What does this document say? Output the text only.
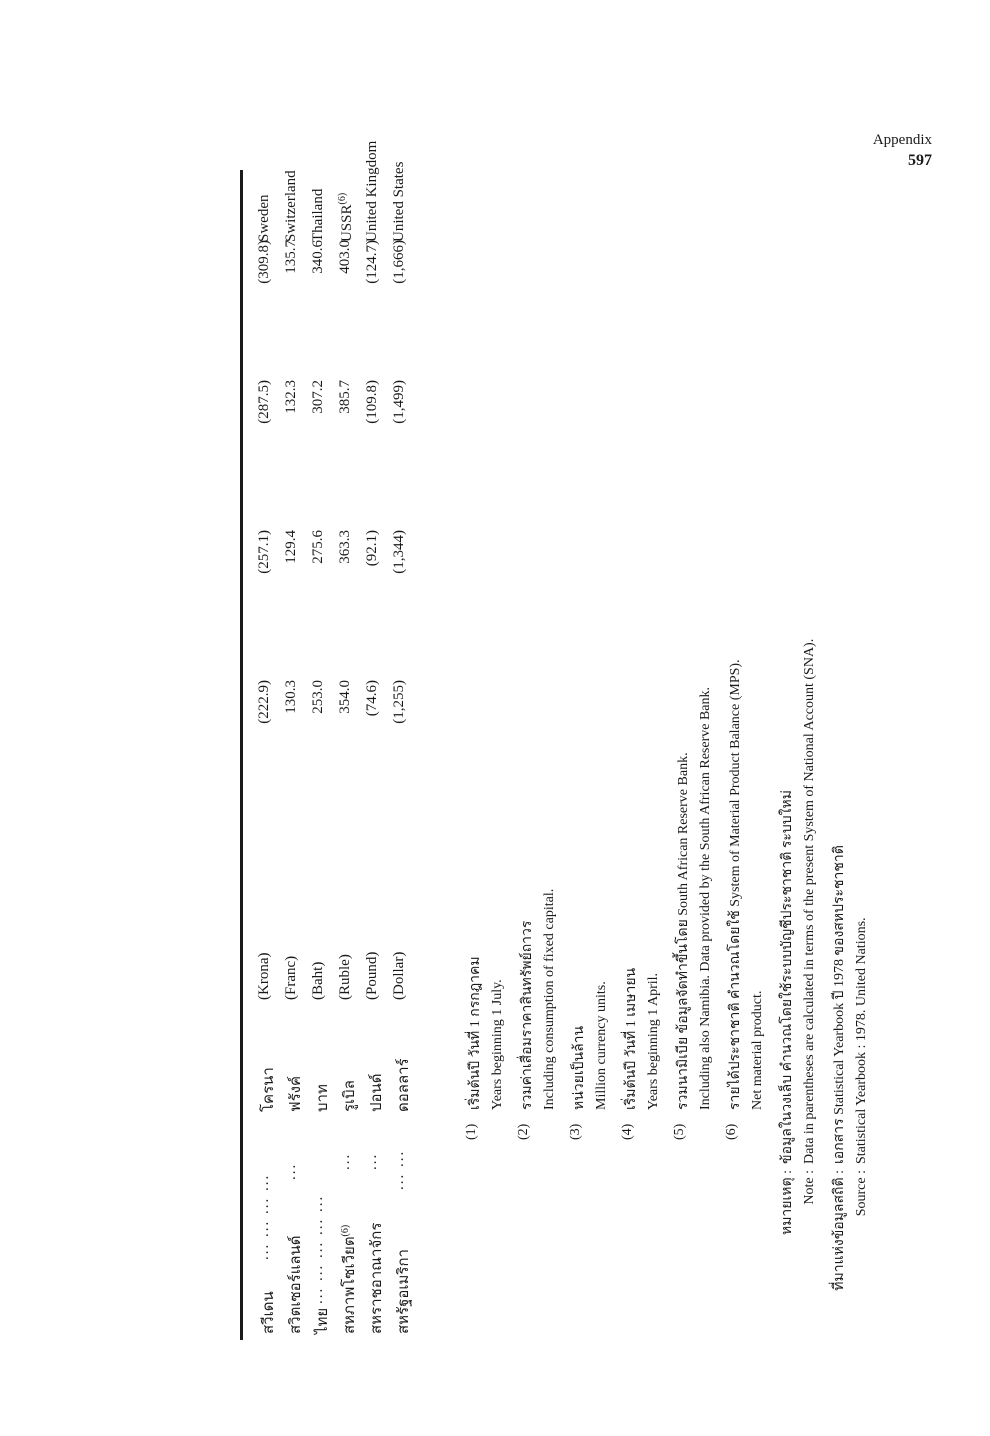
Appendix
597
สวีเดน
... ... ... ...
โครนา
(Krona)
(222.9)
(257.1)
(287.5)
(309.8)
Sweden
สวิตเซอร์แลนด์
...
ฟรังค์
(Franc)
130.3
129.4
132.3
135.7
Switzerland
ไทย
... ... ... ... ...
บาท
(Baht)
253.0
275.6
307.2
340.6
Thailand
สหภาพโซเวียต$^{(6)}$
...
รูเบิล
(Ruble)
354.0
363.3
385.7
403.0
USSR$^{(6)}$
สหราชอาณาจักร
...
ปอนด์
(Pound)
(74.6)
(92.1)
(109.8)
(124.7)
United Kingdom
สหรัฐอเมริกา
... ...
ดอลลาร์
(Dollar)
(1,255)
(1,344)
(1,499)
(1,666)
United States
(1)
เริ่มต้นปี วันที่ 1 กรกฎาคม Years beginning 1 July.
(2)
รวมค่าเสื่อมราคาสินทรัพย์ถาวร Including consumption of fixed capital.
(3)
หน่วยเป็นล้าน Million currency units.
(4)
เริ่มต้นปี วันที่ 1 เมษายน Years beginning 1 April.
(5)
รวมนามิเบีย ข้อมูลจัดทำขึ้นโดย South African Reserve Bank. Including also Namibia. Data provided by the South African Reserve Bank.
(6)
รายได้ประชาชาติ คำนวณโดยใช้ System of Material Product Balance (MPS). Net material product.
หมายเหตุ :
ข้อมูลในวงเล็บ คำนวณโดยใช้ระบบบัญชีประชาชาติ ระบบใหม่
Note :
Data in parentheses are calculated in terms of the present System of National Account (SNA).
ที่มาแห่งข้อมูลสถิติ :
เอกสาร Statistical Yearbook ปี 1978 ของสหประชาชาติ
Source :
Statistical Yearbook : 1978. United Nations.
